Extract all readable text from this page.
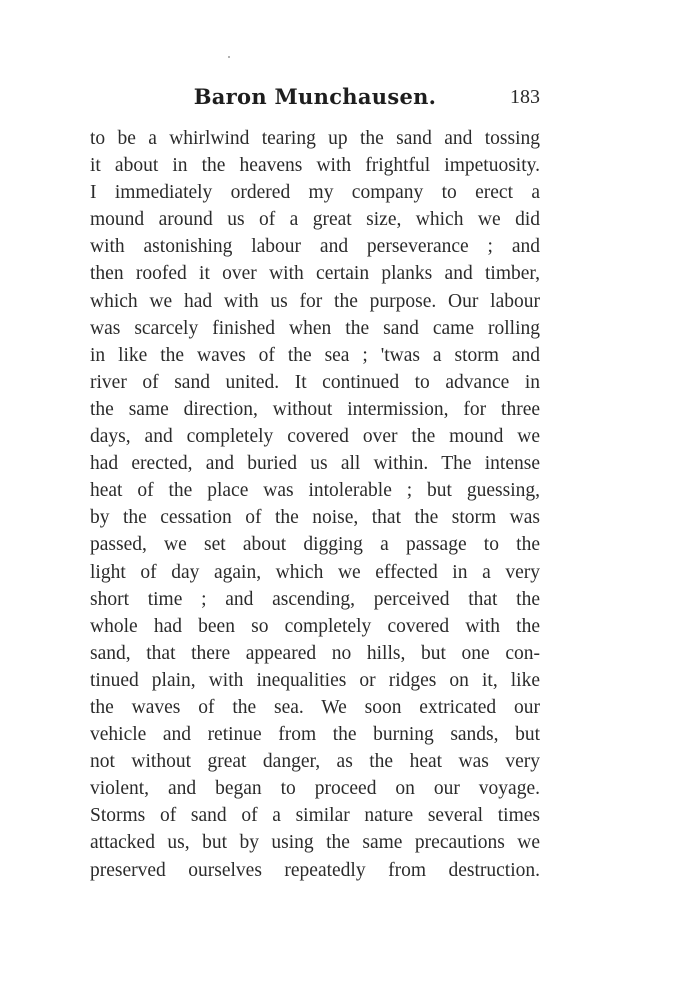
Baron Munchausen.	183
to be a whirlwind tearing up the sand and tossing
it about in the heavens with frightful impetuosity.
I immediately ordered my company to erect a
mound around us of a great size, which we did
with astonishing labour and perseverance ; and
then roofed it over with certain planks and timber,
which we had with us for the purpose. Our labour
was scarcely finished when the sand came rolling
in like the waves of the sea ; 'twas a storm and
river of sand united. It continued to advance in
the same direction, without intermission, for three
days, and completely covered over the mound we
had erected, and buried us all within. The intense
heat of the place was intolerable ; but guessing,
by the cessation of the noise, that the storm was
passed, we set about digging a passage to the
light of day again, which we effected in a very
short time ; and ascending, perceived that the
whole had been so completely covered with the
sand, that there appeared no hills, but one con-
tinued plain, with inequalities or ridges on it, like
the waves of the sea. We soon extricated our
vehicle and retinue from the burning sands, but
not without great danger, as the heat was very
violent, and began to proceed on our voyage.
Storms of sand of a similar nature several times
attacked us, but by using the same precautions we
preserved ourselves repeatedly from destruction.
